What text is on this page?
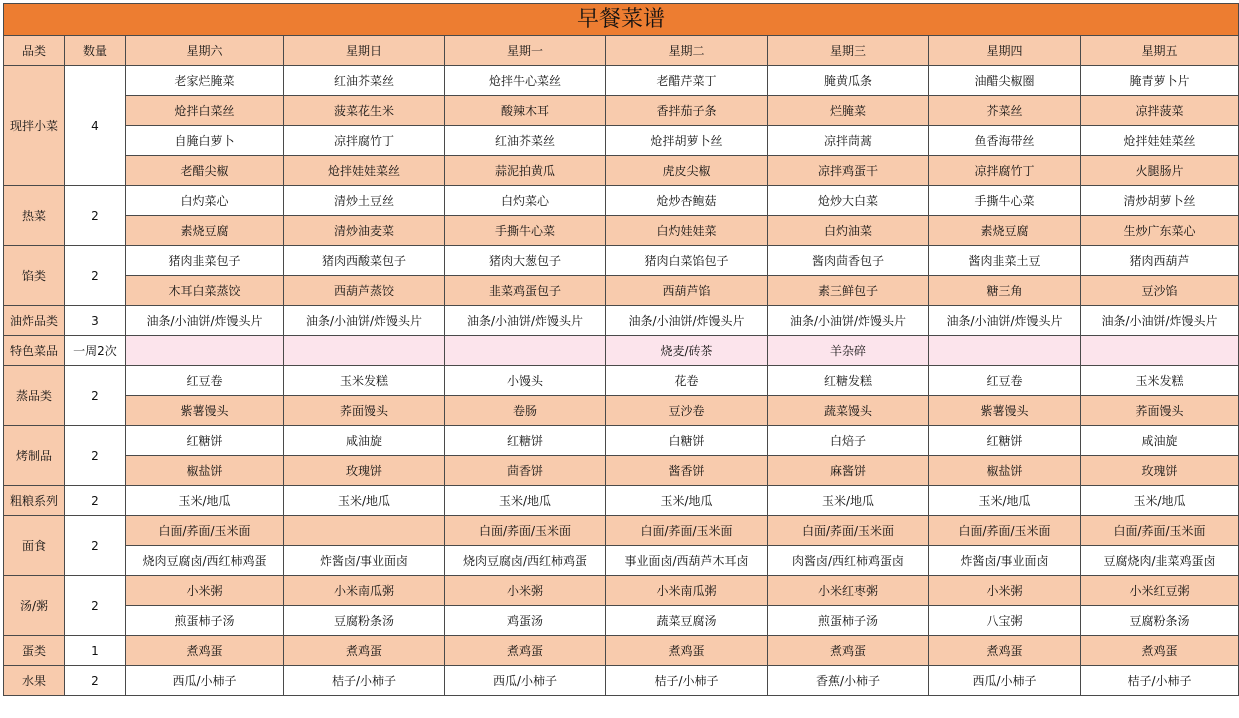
早餐菜谱								
品类	数量	星期六	星期日	星期一	星期二	星期三	星期四	星期五
现拌小菜	4	老家烂腌菜	红油芥菜丝	炝拌牛心菜丝	老醋芹菜丁	腌黄瓜条	油醋尖椒圈	腌青萝卜片
		炝拌白菜丝	菠菜花生米	酸辣木耳	香拌茄子条	烂腌菜	芥菜丝	凉拌菠菜
		自腌白萝卜	凉拌腐竹丁	红油芥菜丝	炝拌胡萝卜丝	凉拌茼蒿	鱼香海带丝	炝拌娃娃菜丝
		老醋尖椒	炝拌娃娃菜丝	蒜泥拍黄瓜	虎皮尖椒	凉拌鸡蛋干	凉拌腐竹丁	火腿肠片
热菜	2	白灼菜心	清炒土豆丝	白灼菜心	炝炒杏鲍菇	炝炒大白菜	手撕牛心菜	清炒胡萝卜丝
		素烧豆腐	清炒油麦菜	手撕牛心菜	白灼娃娃菜	白灼油菜	素烧豆腐	生炒广东菜心
馅类	2	猪肉韭菜包子	猪肉西酸菜包子	猪肉大葱包子	猪肉白菜馅包子	酱肉茴香包子	酱肉韭菜土豆	猪肉西葫芦
		木耳白菜蒸饺	西葫芦蒸饺	韭菜鸡蛋包子	西葫芦馅	素三鲜包子	糖三角	豆沙馅
油炸品类	3	油条/小油饼/炸馒头片	油条/小油饼/炸馒头片	油条/小油饼/炸馒头片	油条/小油饼/炸馒头片	油条/小油饼/炸馒头片	油条/小油饼/炸馒头片	油条/小油饼/炸馒头片
特色菜品	一周2次				烧麦/砖茶	羊杂碎		
蒸品类	2	红豆卷	玉米发糕	小馒头	花卷	红糖发糕	红豆卷	玉米发糕
		紫薯馒头	荞面馒头	卷肠	豆沙卷	蔬菜馒头	紫薯馒头	荞面馒头
烤制品	2	红糖饼	咸油旋	红糖饼	白糖饼	白焙子	红糖饼	咸油旋
		椒盐饼	玫瑰饼	茴香饼	酱香饼	麻酱饼	椒盐饼	玫瑰饼
粗粮系列	2	玉米/地瓜	玉米/地瓜	玉米/地瓜	玉米/地瓜	玉米/地瓜	玉米/地瓜	玉米/地瓜
面食	2	白面/荞面/玉米面		白面/荞面/玉米面	白面/荞面/玉米面	白面/荞面/玉米面	白面/荞面/玉米面	白面/荞面/玉米面
		烧肉豆腐卤/西红柿鸡蛋	炸酱卤/事业面卤	烧肉豆腐卤/西红柿鸡蛋	事业面卤/西葫芦木耳卤	肉酱卤/西红柿鸡蛋卤	炸酱卤/事业面卤	豆腐烧肉/韭菜鸡蛋卤
汤/粥	2	小米粥	小米南瓜粥	小米粥	小米南瓜粥	小米红枣粥	小米粥	小米红豆粥
		煎蛋柿子汤	豆腐粉条汤	鸡蛋汤	蔬菜豆腐汤	煎蛋柿子汤	八宝粥	豆腐粉条汤
蛋类	1	煮鸡蛋	煮鸡蛋	煮鸡蛋	煮鸡蛋	煮鸡蛋	煮鸡蛋	煮鸡蛋
水果	2	西瓜/小柿子	桔子/小柿子	西瓜/小柿子	桔子/小柿子	香蕉/小柿子	西瓜/小柿子	桔子/小柿子
